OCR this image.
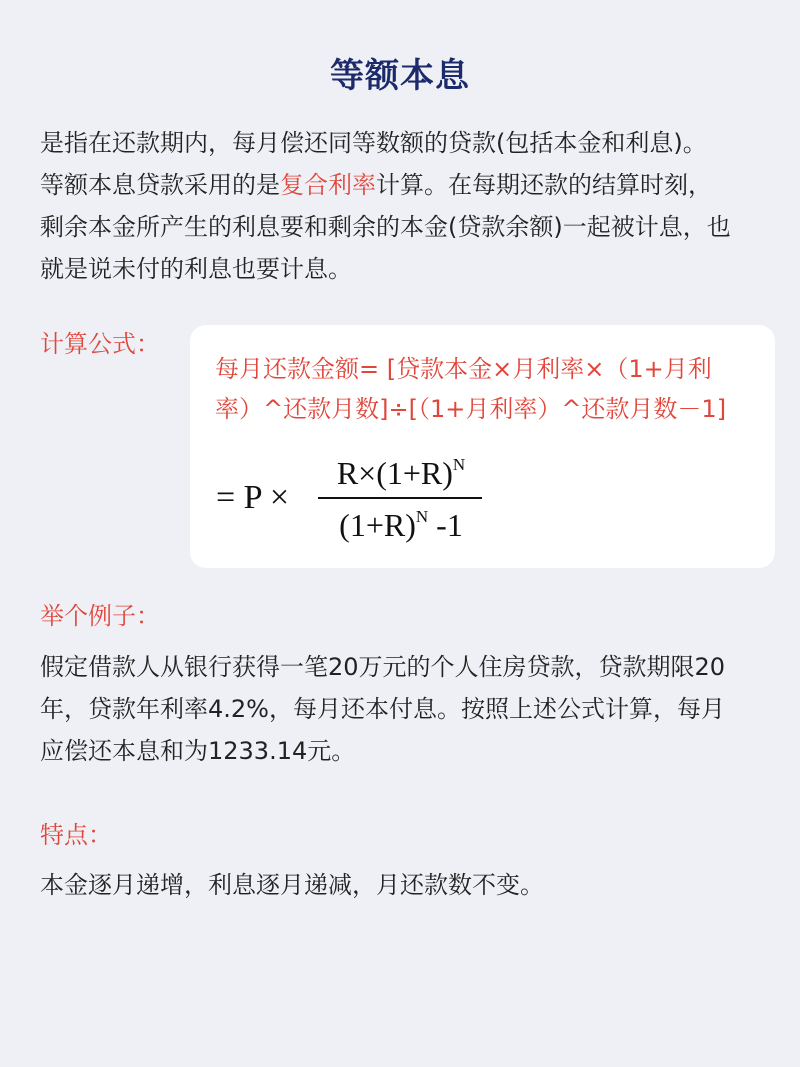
等额本息
是指在还款期内，每月偿还同等数额的贷款(包括本金和利息)。
等额本息贷款采用的是复合利率计算。在每期还款的结算时刻，
剩余本金所产生的利息要和剩余的本金(贷款余额)一起被计息，也
就是说未付的利息也要计息。
计算公式：
每月还款金额= [贷款本金×月利率×（1+月利
率）^还款月数]÷[（1+月利率）^还款月数－1]
= P ×
$R\times(1+R)^N$
$(1+R)^N$ -1
举个例子：
假定借款人从银行获得一笔20万元的个人住房贷款，贷款期限20
年，贷款年利率4.2%，每月还本付息。按照上述公式计算，每月
应偿还本息和为1233.14元。
特点：
本金逐月递增，利息逐月递减，月还款数不变。
